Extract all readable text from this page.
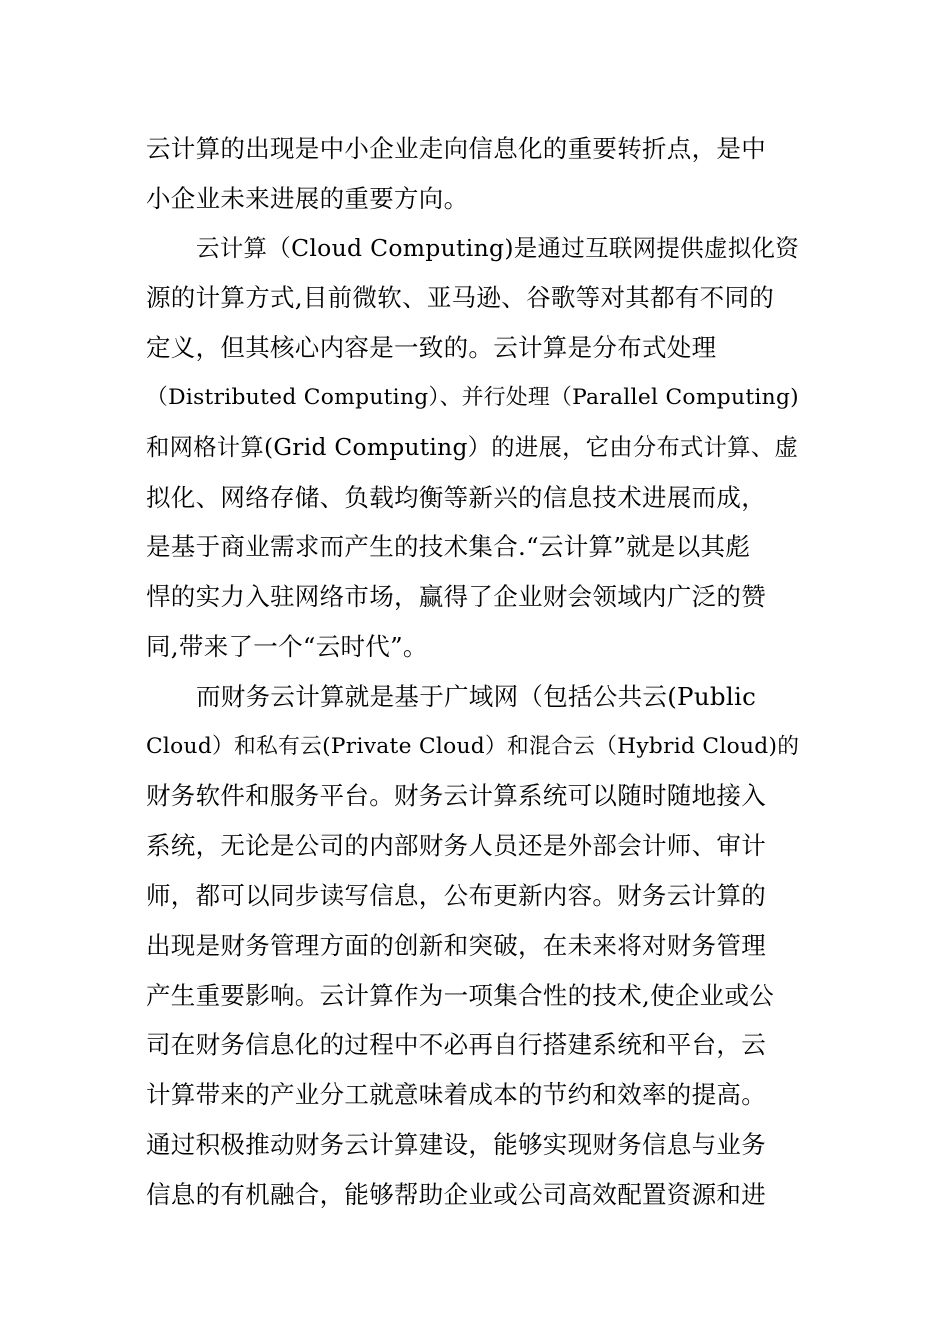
云计算的出现是中小企业走向信息化的重要转折点，是中
小企业未来进展的重要方向。
云计算（Cloud Computing)是通过互联网提供虚拟化资
源的计算方式,目前微软、亚马逊、谷歌等对其都有不同的
定义，但其核心内容是一致的。云计算是分布式处理
（Distributed Computing）、并行处理（Parallel Computing)
和网格计算(Grid Computing）的进展，它由分布式计算、虚
拟化、网络存储、负载均衡等新兴的信息技术进展而成，
是基于商业需求而产生的技术集合.“云计算”就是以其彪
悍的实力入驻网络市场，赢得了企业财会领域内广泛的赞
同,带来了一个“云时代”。
而财务云计算就是基于广域网（包括公共云(Public
Cloud）和私有云(Private Cloud）和混合云（Hybrid Cloud)的
财务软件和服务平台。财务云计算系统可以随时随地接入
系统，无论是公司的内部财务人员还是外部会计师、审计
师，都可以同步读写信息，公布更新内容。财务云计算的
出现是财务管理方面的创新和突破，在未来将对财务管理
产生重要影响。云计算作为一项集合性的技术,使企业或公
司在财务信息化的过程中不必再自行搭建系统和平台，云
计算带来的产业分工就意味着成本的节约和效率的提高。
通过积极推动财务云计算建设，能够实现财务信息与业务
信息的有机融合，能够帮助企业或公司高效配置资源和进
